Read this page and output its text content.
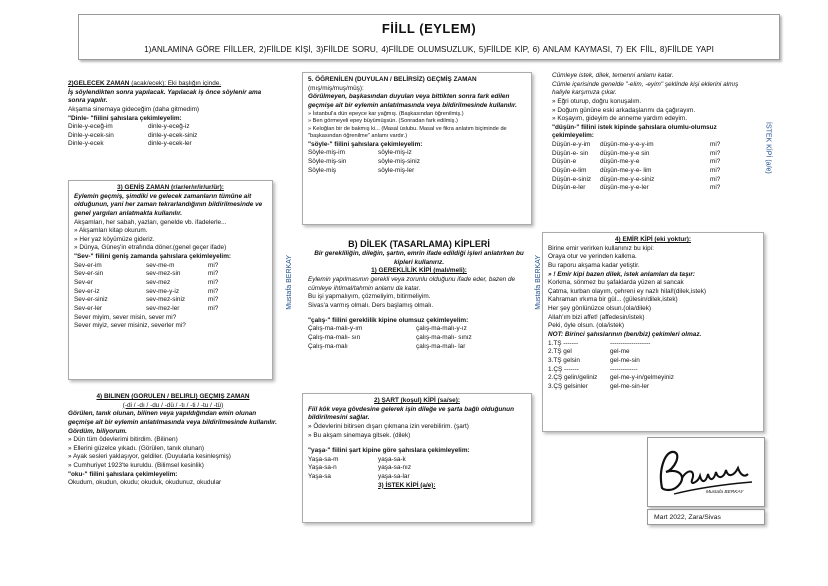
FİİLL (EYLEM)
1)ANLAMINA GÖRE FİİLLER, 2)FİİLDE KİŞİ, 3)FİİLDE SORU, 4)FİİLDE OLUMSUZLUK, 5)FİİLDE KİP, 6) ANLAM KAYMASI, 7) EK FİİL, 8)FİİLDE YAPI
2)GELECEK ZAMAN (acak/ecek): Eki başlığın içinde.
İş söylendikten sonra yapılacak. Yapılacak iş önce söylenir ama sonra yapılır.
Akşama sinemaya gideceğim (daha gitmedim)
"Dinle- "fiilini şahıslara çekimleyelim:
Dinle-y-eceğ-im	dinle-y-eceğ-iz
Dinle-y-ecek-sin	dinle-y-ecek-siniz
Dinle-y-ecek	dinle-y-ecek-ler
3) GENİŞ ZAMAN (r/ar/er/ır/ir/ur/ür):
Eylemin geçmiş, şimdiki ve gelecek zamanların tümüne ait olduğunun, yani her zaman tekrarlandığının bildirilmesinde ve genel yargıları anlatmakta kullanılır.
Akşamları, her sabah, yazları, genelde vb. ifadelerle...
» Akşamları kitap okurum.
» Her yaz köyümüze gideriz.
» Dünya, Güneş'in etrafında döner.(genel geçer ifade)
"Sev-" fiilini geniş zamanda şahıslara çekimleyelim:
Sev-er-im	sev-me-m	mi?
Sev-er-sin	sev-mez-sin	mi?
Sev-er	sev-mez	mi?
Sev-er-iz	sev-me-y-iz	mi?
Sev-er-siniz	sev-mez-siniz	mi?
Sev-er-ler	sev-mez-ler	mi?
Sever miyim, sever misin, sever mi?
Sever miyiz, sever misiniz, severler mi?
4) BİLİNEN (GÖRÜLEN / BELİRLİ) GEÇMİŞ ZAMAN
(-di / -dı / -du / -dü / -tı / -ti / -tu / -tü)
Görülen, tanık olunan, bilinen veya yapıldığından emin olunan geçmişe ait bir eylemin anlatılmasında veya bildirilmesinde kullanılır. Gördüm, biliyorum.
» Dün tüm ödevlerimi bitirdim. (Bilinen)
» Ellerini güzelce yıkadı. (Görülen, tanık olunan)
» Ayak sesleri yaklaşıyor, geldiler. (Duyularla kesinleşmiş)
» Cumhuriyet 1923'te kuruldu. (Bilimsel kesinlik)
"oku-" fiilini şahıslara çekimleyelim:
Okudum, okudun, okudu; okuduk, okudunuz, okudular
Mustafa BERKAY
5. ÖĞRENİLEN (DUYULAN / BELİRSİZ) GEÇMİŞ ZAMAN
(mış/miş/muş/müş):
Görülmeyen, başkasından duyulan veya bittikten sonra fark edilen geçmişe ait bir eylemin anlatılmasında veya bildirilmesinde kullanılır.
» İstanbul'a dün epeyce kar yağmış. (Başkasından öğrenilmiş.)
» Ben görmeyeli epey büyümüşsün. (Sonradan fark edilmiş.)
» Keloğlan bir de bakmış ki... (Masal üslubu. Masal ve fikra anlatım biçiminde de "başkasından öğrenilme" anlamı vardır.)
"söyle-" fiilini şahıslara çekimleyelim:
Söyle-miş-im	söyle-miş-iz
Söyle-miş-sin	söyle-miş-siniz
Söyle-miş	söyle-miş-ler
B) DİLEK (TASARLAMA) KİPLERİ
Bir gerekliliğin, dileğin, şartın, emrin ifade edildiği işleri anlatırken bu kipleri kullanırız.
1) GEREKLİLİK KİPİ (malı/meli):
Eylemin yapılmasının gerekli veya zorunlu olduğunu ifade eder, bazen de cümleye ihtimal/tahmin anlamı da katar.
Bu işi yapmalıyım, çözmeliyim, bitirmeliyim.
Sivas'a varmış olmalı. Ders başlamış olmalı.
"çalış-" fiilini gereklilik kipine olumsuz çekimleyelim:
Çalış-ma-malı-y-ım	çalış-ma-malı-y-ız
Çalış-ma-malı- sın	çalış-ma-malı- sınız
Çalış-ma-malı	çalış-ma-malı- lar
2) ŞART (koşul) KİPİ (sa/se):
Fiil kök veya gövdesine gelerek işin dileğe ve şarta bağlı olduğunun bildirilmesini sağlar.
» Ödevlerini bitirsen dışarı çıkmana izin verebilirim. (şart)
» Bu akşam sinemaya gitsek. (dilek)
"yaşa-" fiilini şart kipine göre şahıslara çekimleyelim:
Yaşa-sa-m	yaşa-sa-k
Yaşa-sa-n	yaşa-sa-nız
Yaşa-sa	yaşa-sa-lar
3) İSTEK KİPİ (a/e):
Mustafa BERKAY
Cümleye istek, dilek, temenni anlamı katar.
Cümle içerisinde genelde "-elim, -eyim" şeklinde kişi eklerini almış haliyle karşımıza çıkar.
» Eğri oturup, doğru konuşalım.
» Doğum gününe eski arkadaşlarımı da çağırayım.
» Koşayım, gideyim de anneme yardım edeyim.
"düşün-" fiilini istek kipinde şahıslara olumlu-olumsuz çekimleyelim:
Düşün-e-y-im	düşün-me-y-e-y-im	mi?
Düşün-e- sin	düşün-me-y-e sin	mi?
Düşün-e	düşün-me-y-e	mi?
Düşün-e-lim	düşün-me-y-e- lim	mi?
Düşün-e-siniz	düşün-me-y-e-siniz	mi?
Düşün-e-ler	düşün-me-y-e-ler	mi?
İSTEK KİPİ (a/e)
4) EMİR KİPİ (eki yoktur):
Birine emir verirken kullanınız bu kipi:
Oraya otur ve yerinden kalkma.
Bu raporu akşama kadar yetiştir.
» ! Emir kipi bazen dilek, istek anlamları da taşır:
Korkma, sönmez bu şafaklarda yüzen al sancak
Çatma, kurban olayım, çehreni ey nazlı hilal!(dilek,istek)
Kahraman ırkıma bir gül... (gülesin/dilek,istek)
Her şey gönlünüzce olsun.(ola/dilek)
Allah'ım bizi affet! (affedesin/istek)
Peki, öyle olsun. (ola/istek)
NOT: Birinci şahıslarının (ben/biz) çekimleri olmaz.
1.TŞ -------	-------------------
2.TŞ gel	gel-me
3.TŞ gelsin	gel-me-sin
1.ÇŞ -------	-------------
2.ÇŞ gelin/geliniz	gel-me-y-in/gelmeyiniz
3.ÇŞ gelsinler	gel-me-sin-ler
Mustafa BERKAY
Mart 2022, Zara/Sivas
